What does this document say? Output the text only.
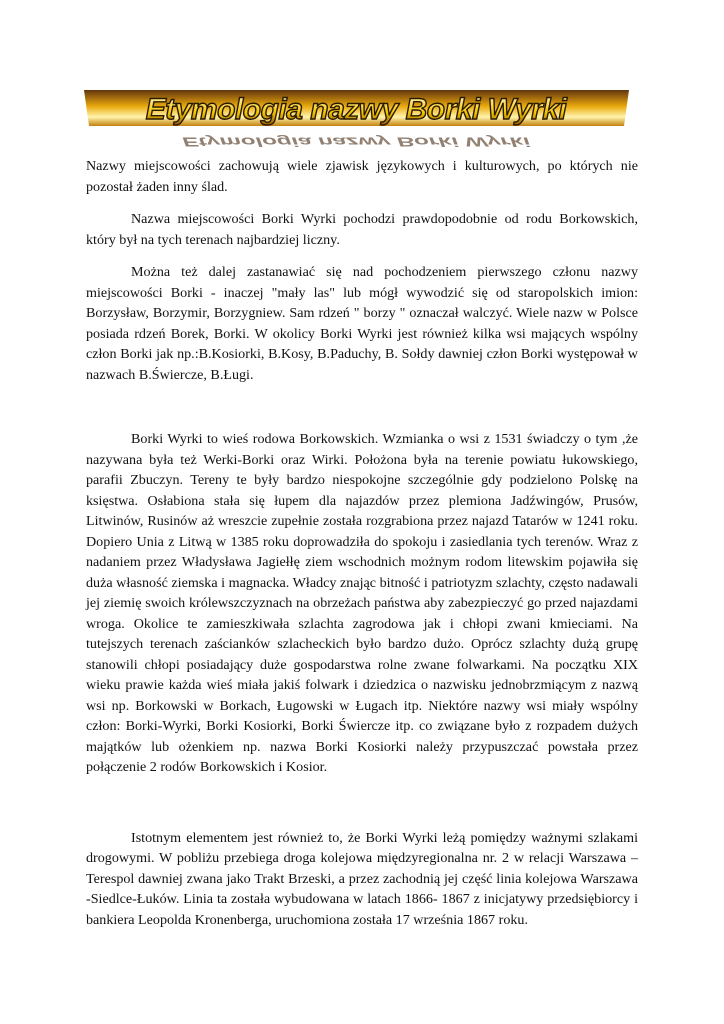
Etymologia nazwy Borki Wyrki
Etymologia nazwy Borki Wyrki

Nazwy miejscowości zachowują wiele zjawisk językowych i kulturowych, po których nie pozostał żaden inny ślad.

Nazwa miejscowości Borki Wyrki pochodzi prawdopodobnie od rodu Borkowskich, który był na tych terenach najbardziej liczny.

Można też dalej zastanawiać się nad pochodzeniem pierwszego członu nazwy miejscowości Borki - inaczej "mały las" lub mógł wywodzić się od staropolskich imion: Borzysław, Borzymir, Borzygniew. Sam rdzeń " borzy " oznaczał walczyć. Wiele nazw w Polsce posiada rdzeń Borek, Borki. W okolicy Borki Wyrki jest również kilka wsi mających wspólny człon Borki jak np.:B.Kosiorki, B.Kosy, B.Paduchy, B. Sołdy dawniej człon Borki występował w nazwach B.Świercze, B.Ługi.

Borki Wyrki to wieś rodowa Borkowskich. Wzmianka o wsi z 1531 świadczy o tym ,że nazywana była też Werki-Borki oraz Wirki. Położona była na terenie powiatu łukowskiego, parafii Zbuczyn. Tereny te były bardzo niespokojne szczególnie gdy podzielono Polskę na księstwa. Osłabiona stała się łupem dla najazdów przez plemiona Jadźwingów, Prusów, Litwinów, Rusinów aż wreszcie zupełnie została rozgrabiona przez najazd Tatarów w 1241 roku. Dopiero Unia z Litwą w 1385 roku doprowadziła do spokoju i zasiedlania tych terenów. Wraz z nadaniem przez Władysława Jagiełłę ziem wschodnich możnym rodom litewskim pojawiła się duża własność ziemska i magnacka. Władcy znając bitność i patriotyzm szlachty, często nadawali jej ziemię swoich królewszczyznach na obrzeżach państwa aby zabezpieczyć go przed najazdami wroga. Okolice te zamieszkiwała szlachta zagrodowa jak i chłopi zwani kmieciami. Na tutejszych terenach zaścianków szlacheckich było bardzo dużo. Oprócz szlachty dużą grupę stanowili chłopi posiadający duże gospodarstwa rolne zwane folwarkami. Na początku XIX wieku prawie każda wieś miała jakiś folwark i dziedzica o nazwisku jednobrzmiącym z nazwą wsi np. Borkowski w Borkach, Ługowski w Ługach itp. Niektóre nazwy wsi miały wspólny człon: Borki-Wyrki, Borki Kosiorki, Borki Świercze itp. co związane było z rozpadem dużych majątków lub ożenkiem np. nazwa Borki Kosiorki należy przypuszczać powstała przez połączenie 2 rodów Borkowskich i Kosior.

Istotnym elementem jest również to, że Borki Wyrki leżą pomiędzy ważnymi szlakami drogowymi. W pobliżu przebiega droga kolejowa międzyregionalna nr. 2 w relacji Warszawa – Terespol dawniej zwana jako Trakt Brzeski, a przez zachodnią jej część linia kolejowa Warszawa -Siedlce-Łuków. Linia ta została wybudowana w latach 1866- 1867 z inicjatywy przedsiębiorcy i bankiera Leopolda Kronenberga, uruchomiona została 17 września 1867 roku.
